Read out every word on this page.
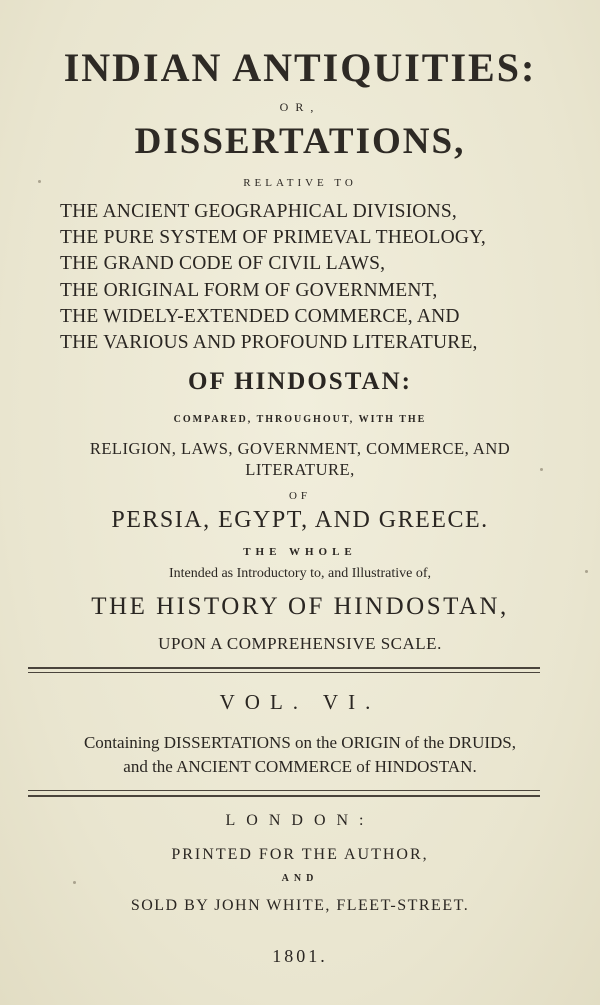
INDIAN ANTIQUITIES:
OR,
DISSERTATIONS,
RELATIVE TO
THE ANCIENT GEOGRAPHICAL DIVISIONS,
THE PURE SYSTEM OF PRIMEVAL THEOLOGY,
THE GRAND CODE OF CIVIL LAWS,
THE ORIGINAL FORM OF GOVERNMENT,
THE WIDELY-EXTENDED COMMERCE, AND
THE VARIOUS AND PROFOUND LITERATURE,
OF HINDOSTAN:
COMPARED, THROUGHOUT, WITH THE
RELIGION, LAWS, GOVERNMENT, COMMERCE, AND
LITERATURE,
OF
PERSIA, EGYPT, AND GREECE.
THE WHOLE
Intended as Introductory to, and Illustrative of,
THE HISTORY OF HINDOSTAN,
UPON A COMPREHENSIVE SCALE.
VOL. VI.
Containing DISSERTATIONS on the ORIGIN of the DRUIDS,
and the ANCIENT COMMERCE of HINDOSTAN.
LONDON:
PRINTED FOR THE AUTHOR,
AND
SOLD BY JOHN WHITE, FLEET-STREET.
1801.
